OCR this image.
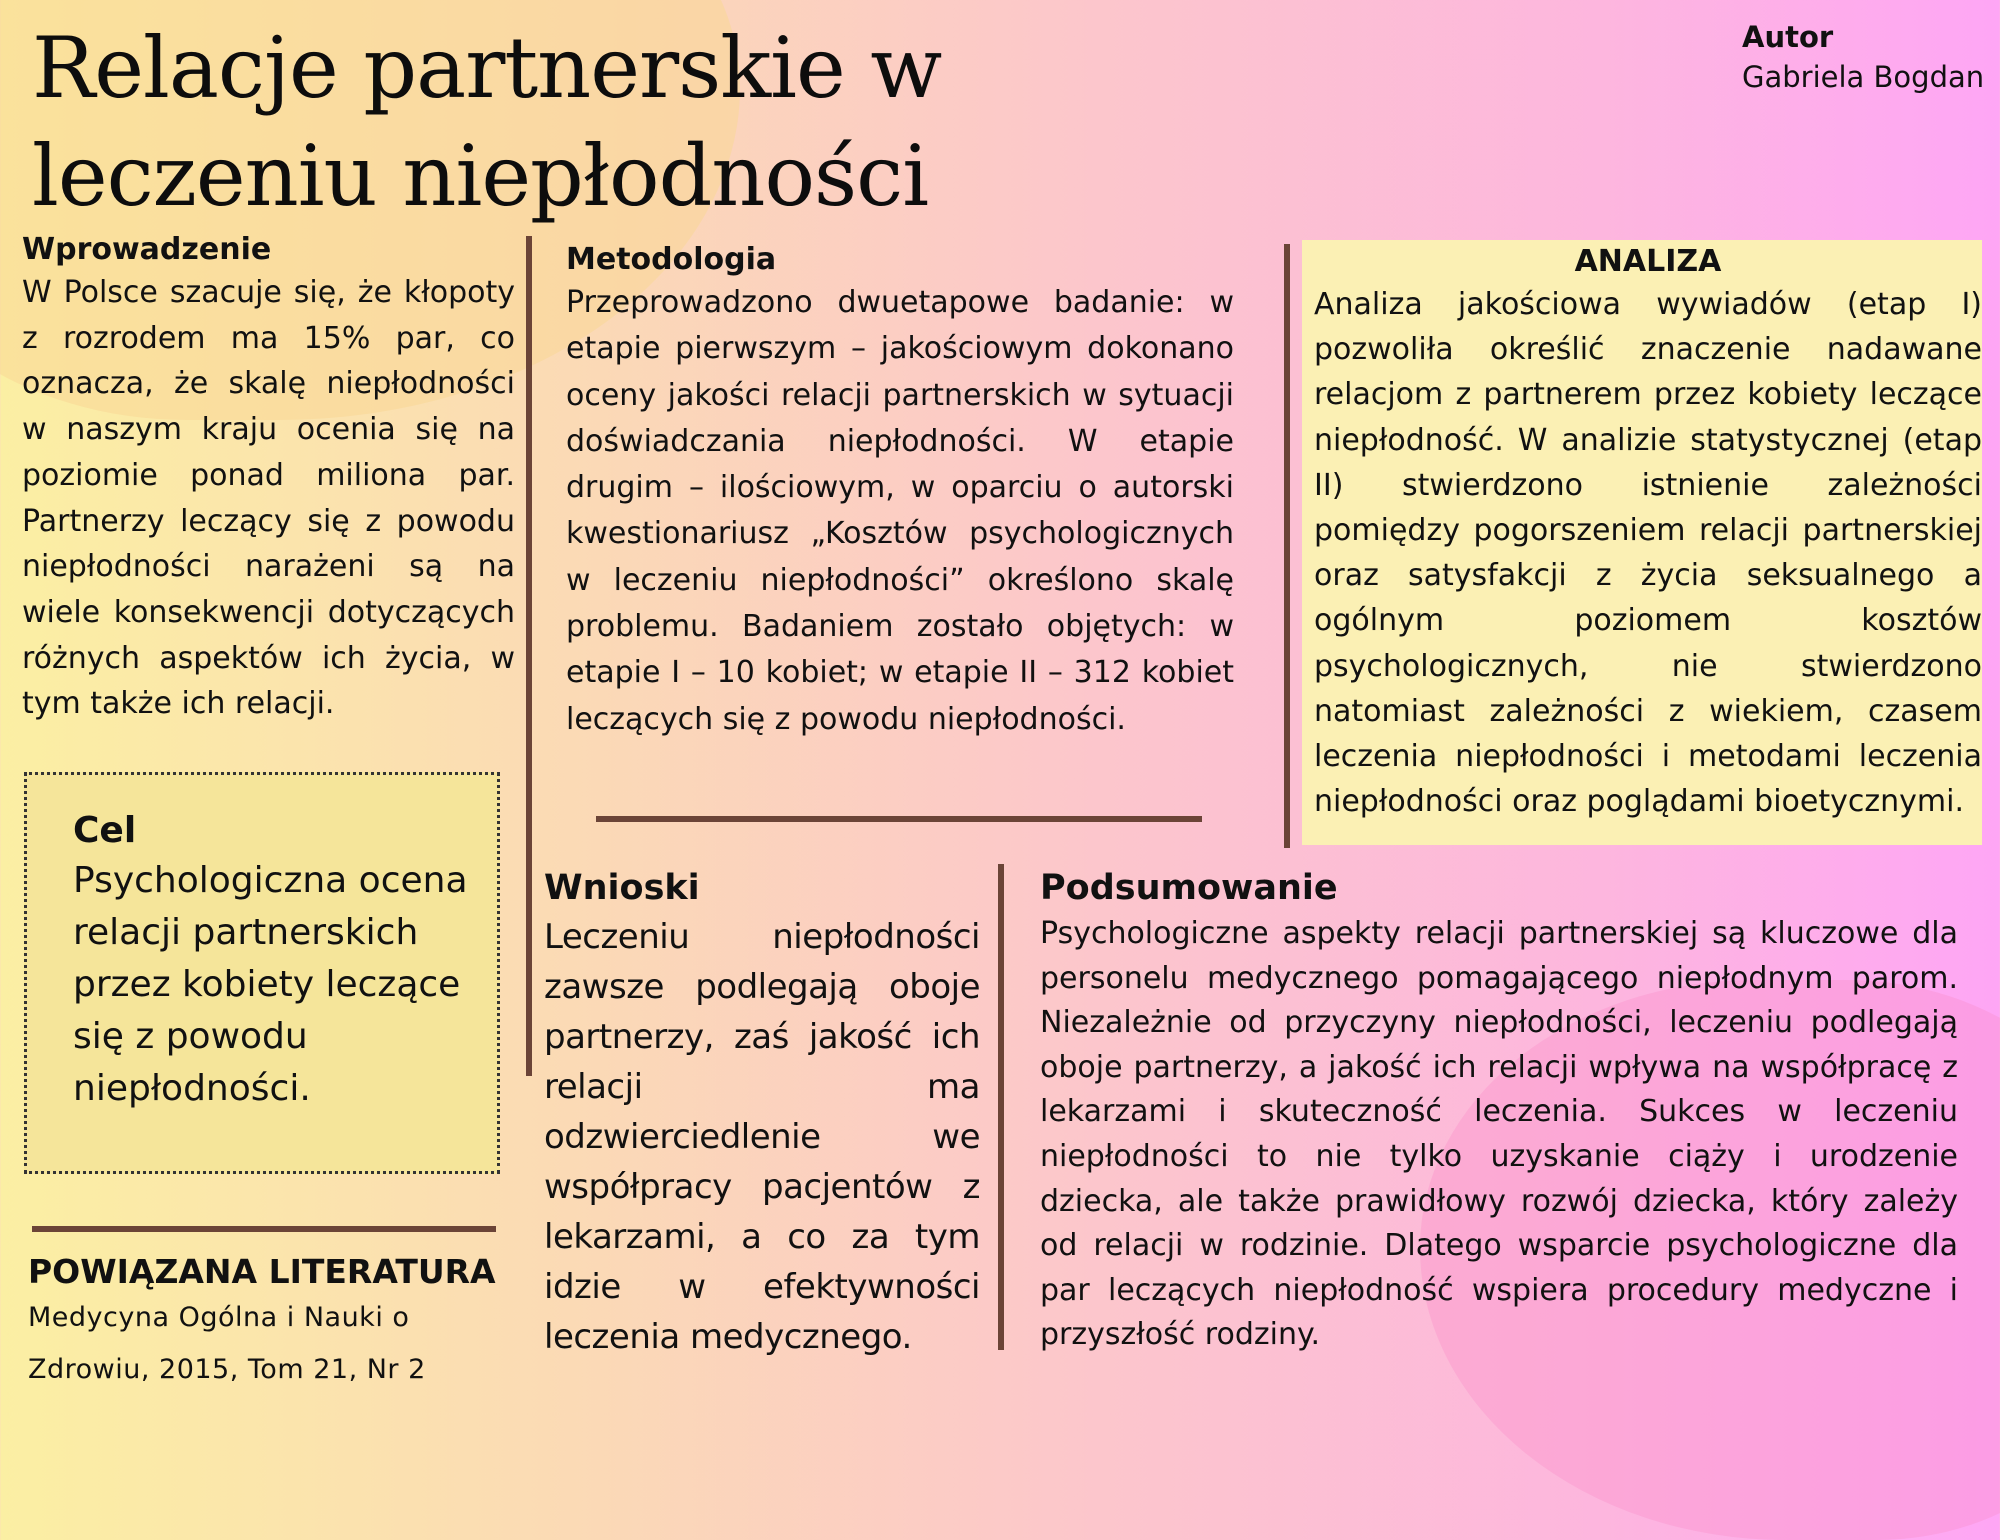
Relacje partnerskie w leczeniu niepłodności
Autor
Gabriela Bogdan
Wprowadzenie

W Polsce szacuje się, że kłopoty z rozrodem ma 15% par, co oznacza, że skalę niepłodności w naszym kraju ocenia się na poziomie ponad miliona par. Partnerzy leczący się z powodu niepłodności narażeni są na wiele konsekwencji dotyczących różnych aspektów ich życia, w tym także ich relacji.

Cel

Psychologiczna ocena relacji partnerskich przez kobiety leczące się z powodu niepłodności.

POWIĄZANA LITERATURA

Medycyna Ogólna i Nauki o Zdrowiu, 2015, Tom 21, Nr 2

Metodologia

Przeprowadzono dwuetapowe badanie: w etapie pierwszym – jakościowym dokonano oceny jakości relacji partnerskich w sytuacji doświadczania niepłodności. W etapie drugim – ilościowym, w oparciu o autorski kwestionariusz „Kosztów psychologicznych w leczeniu niepłodności” określono skalę problemu. Badaniem zostało objętych: w etapie I – 10 kobiet; w etapie II – 312 kobiet leczących się z powodu niepłodności.

ANALIZA

Analiza jakościowa wywiadów (etap I) pozwoliła określić znaczenie nadawane relacjom z partnerem przez kobiety leczące niepłodność. W analizie statystycznej (etap II) stwierdzono istnienie zależności pomiędzy pogorszeniem relacji partnerskiej oraz satysfakcji z życia seksualnego a ogólnym poziomem kosztów psychologicznych, nie stwierdzono natomiast zależności z wiekiem, czasem leczenia niepłodności i metodami leczenia niepłodności oraz poglądami bioetycznymi.

Wnioski

Leczeniu niepłodności zawsze podlegają oboje partnerzy, zaś jakość ich relacji ma odzwierciedlenie we współpracy pacjentów z lekarzami, a co za tym idzie w efektywności leczenia medycznego.

Podsumowanie

Psychologiczne aspekty relacji partnerskiej są kluczowe dla personelu medycznego pomagającego niepłodnym parom. Niezależnie od przyczyny niepłodności, leczeniu podlegają oboje partnerzy, a jakość ich relacji wpływa na współpracę z lekarzami i skuteczność leczenia. Sukces w leczeniu niepłodności to nie tylko uzyskanie ciąży i urodzenie dziecka, ale także prawidłowy rozwój dziecka, który zależy od relacji w rodzinie. Dlatego wsparcie psychologiczne dla par leczących niepłodność wspiera procedury medyczne i przyszłość rodziny.
